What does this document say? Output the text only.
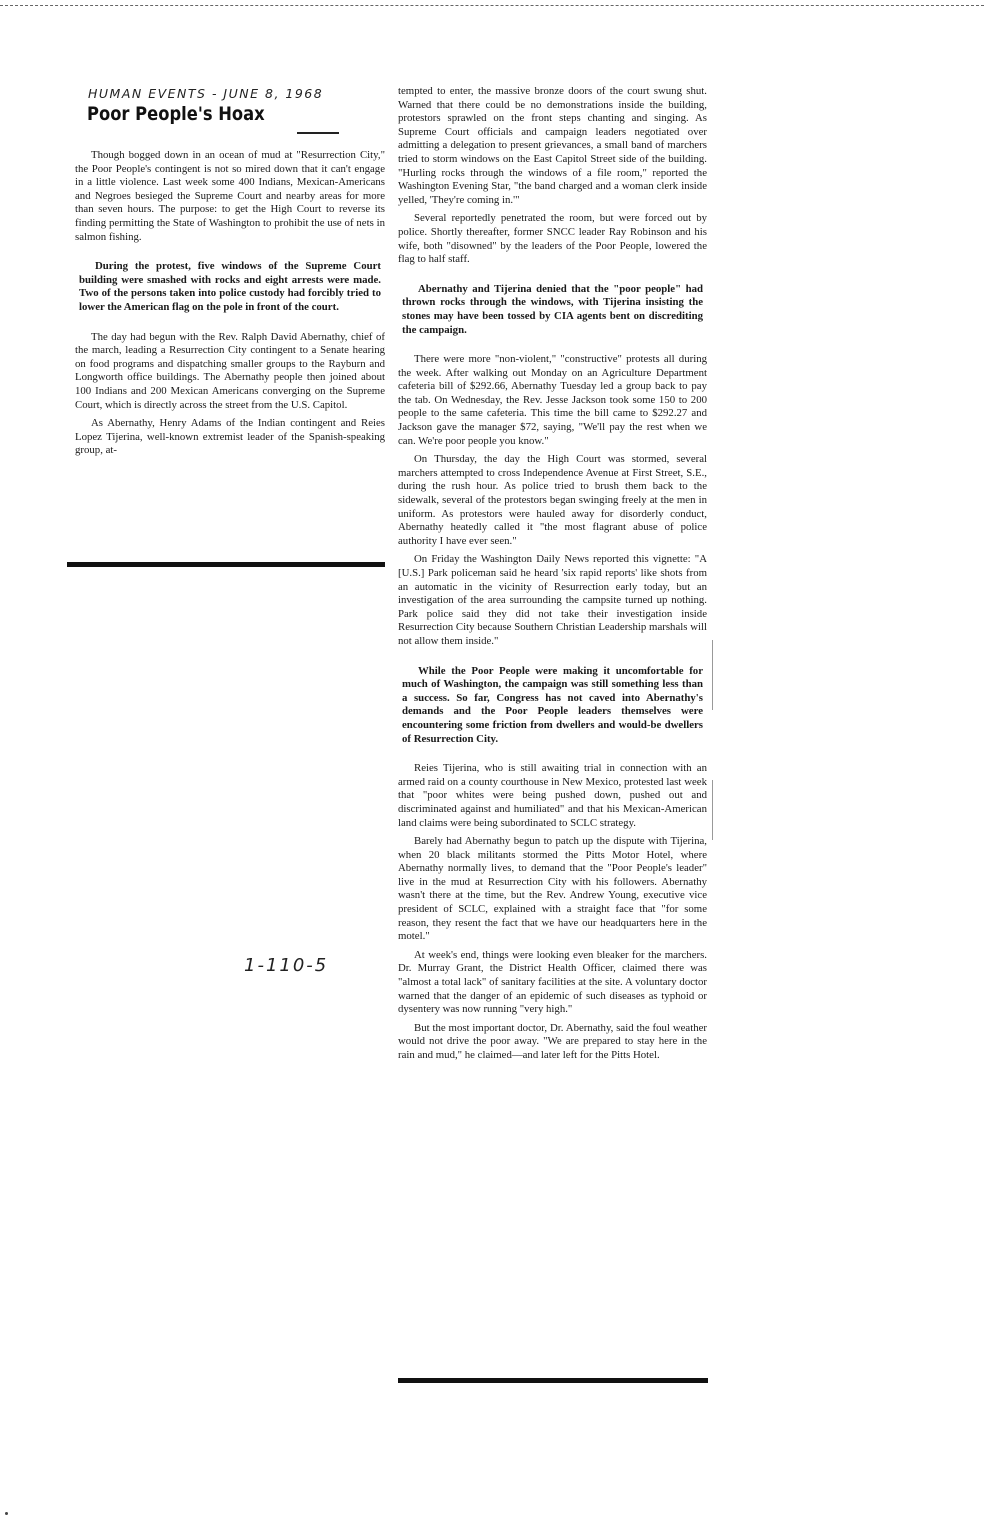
HUMAN EVENTS - JUNE 8, 1968
Poor People's Hoax

Though bogged down in an ocean of mud at "Resurrection City," the Poor People's contingent is not so mired down that it can't engage in a little violence. Last week some 400 Indians, Mexican-Americans and Negroes besieged the Supreme Court and nearby areas for more than seven hours. The purpose: to get the High Court to reverse its finding permitting the State of Washington to prohibit the use of nets in salmon fishing.

During the protest, five windows of the Supreme Court building were smashed with rocks and eight arrests were made. Two of the persons taken into police custody had forcibly tried to lower the American flag on the pole in front of the court.

The day had begun with the Rev. Ralph David Abernathy, chief of the march, leading a Resurrection City contingent to a Senate hearing on food programs and dispatching smaller groups to the Rayburn and Longworth office buildings. The Abernathy people then joined about 100 Indians and 200 Mexican Americans converging on the Supreme Court, which is directly across the street from the U.S. Capitol.

As Abernathy, Henry Adams of the Indian contingent and Reies Lopez Tijerina, well-known extremist leader of the Spanish-speaking group, at-

1-110-5

tempted to enter, the massive bronze doors of the court swung shut. Warned that there could be no demonstrations inside the building, protestors sprawled on the front steps chanting and singing. As Supreme Court officials and campaign leaders negotiated over admitting a delegation to present grievances, a small band of marchers tried to storm windows on the East Capitol Street side of the building. "Hurling rocks through the windows of a file room," reported the Washington Evening Star, "the band charged and a woman clerk inside yelled, 'They're coming in.'"

Several reportedly penetrated the room, but were forced out by police. Shortly thereafter, former SNCC leader Ray Robinson and his wife, both "disowned" by the leaders of the Poor People, lowered the flag to half staff.

Abernathy and Tijerina denied that the "poor people" had thrown rocks through the windows, with Tijerina insisting the stones may have been tossed by CIA agents bent on discrediting the campaign.

There were more "non-violent," "constructive" protests all during the week. After walking out Monday on an Agriculture Department cafeteria bill of $292.66, Abernathy Tuesday led a group back to pay the tab. On Wednesday, the Rev. Jesse Jackson took some 150 to 200 people to the same cafeteria. This time the bill came to $292.27 and Jackson gave the manager $72, saying, "We'll pay the rest when we can. We're poor people you know."

On Thursday, the day the High Court was stormed, several marchers attempted to cross Independence Avenue at First Street, S.E., during the rush hour. As police tried to brush them back to the sidewalk, several of the protestors began swinging freely at the men in uniform. As protestors were hauled away for disorderly conduct, Abernathy heatedly called it "the most flagrant abuse of police authority I have ever seen."

On Friday the Washington Daily News reported this vignette: "A [U.S.] Park policeman said he heard 'six rapid reports' like shots from an automatic in the vicinity of Resurrection early today, but an investigation of the area surrounding the campsite turned up nothing. Park police said they did not take their investigation inside Resurrection City because Southern Christian Leadership marshals will not allow them inside."

While the Poor People were making it uncomfortable for much of Washington, the campaign was still something less than a success. So far, Congress has not caved into Abernathy's demands and the Poor People leaders themselves were encountering some friction from dwellers and would-be dwellers of Resurrection City.

Reies Tijerina, who is still awaiting trial in connection with an armed raid on a county courthouse in New Mexico, protested last week that "poor whites were being pushed down, pushed out and discriminated against and humiliated" and that his Mexican-American land claims were being subordinated to SCLC strategy.

Barely had Abernathy begun to patch up the dispute with Tijerina, when 20 black militants stormed the Pitts Motor Hotel, where Abernathy normally lives, to demand that the "Poor People's leader" live in the mud at Resurrection City with his followers. Abernathy wasn't there at the time, but the Rev. Andrew Young, executive vice president of SCLC, explained with a straight face that "for some reason, they resent the fact that we have our headquarters here in the motel."

At week's end, things were looking even bleaker for the marchers. Dr. Murray Grant, the District Health Officer, claimed there was "almost a total lack" of sanitary facilities at the site. A voluntary doctor warned that the danger of an epidemic of such diseases as typhoid or dysentery was now running "very high."

But the most important doctor, Dr. Abernathy, said the foul weather would not drive the poor away. "We are prepared to stay here in the rain and mud," he claimed—and later left for the Pitts Hotel.
